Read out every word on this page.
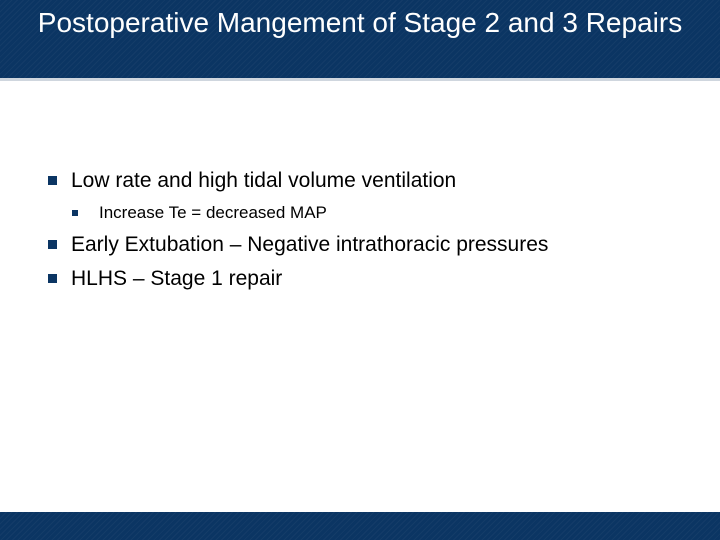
Postoperative Mangement of Stage 2 and 3 Repairs
Low rate and high tidal volume ventilation
Increase Te = decreased MAP
Early Extubation – Negative intrathoracic pressures
HLHS – Stage 1 repair
